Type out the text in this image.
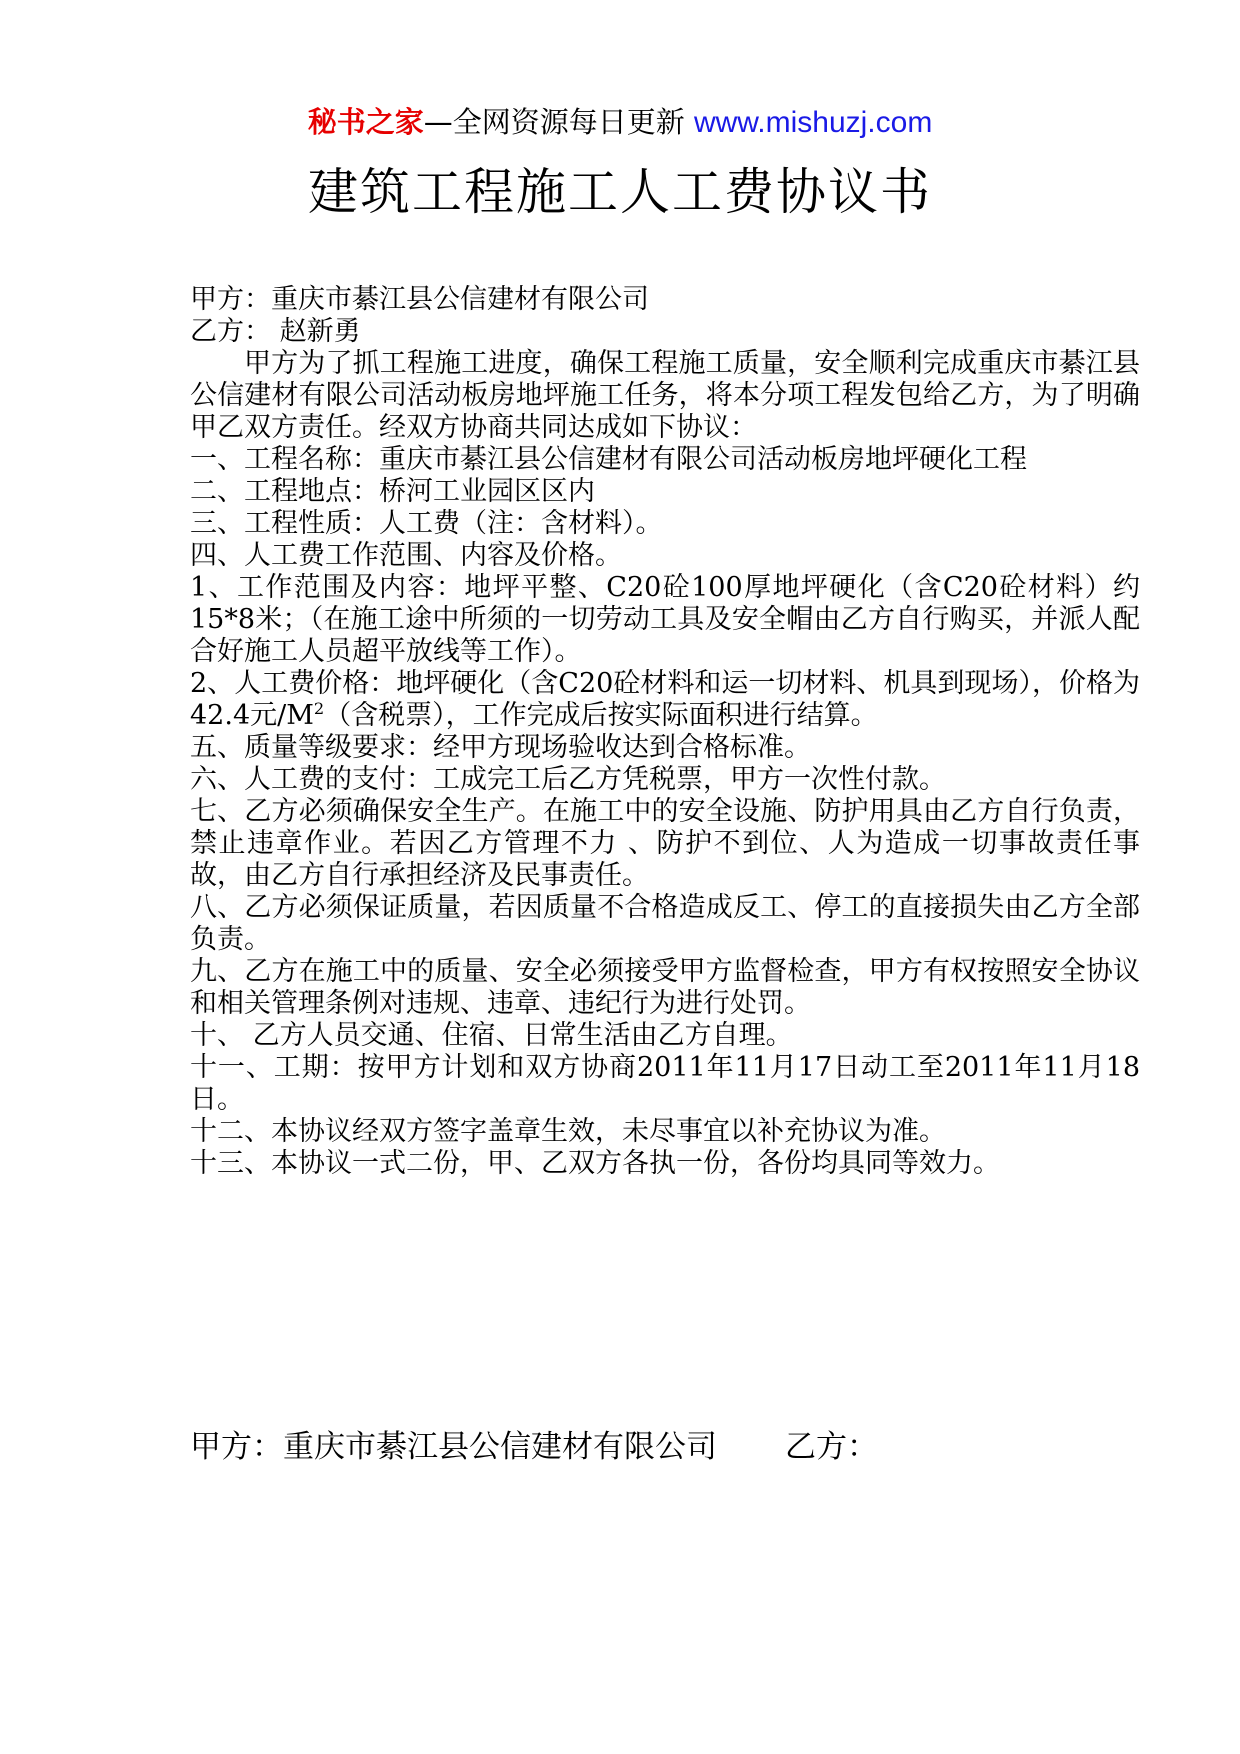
秘书之家—全网资源每日更新 www.mishuzj.com
建筑工程施工人工费协议书

甲方：重庆市綦江县公信建材有限公司

乙方： 赵新勇

甲方为了抓工程施工进度，确保工程施工质量，安全顺利完成重庆市綦江县公信建材有限公司活动板房地坪施工任务，将本分项工程发包给乙方，为了明确甲乙双方责任。经双方协商共同达成如下协议：

一、工程名称：重庆市綦江县公信建材有限公司活动板房地坪硬化工程

二、工程地点：桥河工业园区区内

三、工程性质：人工费（注：含材料）。

四、人工费工作范围、内容及价格。

1、工作范围及内容：地坪平整、C20砼100厚地坪硬化（含C20砼材料）约15*8米；（在施工途中所须的一切劳动工具及安全帽由乙方自行购买，并派人配合好施工人员超平放线等工作）。

2、人工费价格：地坪硬化（含C20砼材料和运一切材料、机具到现场），价格为42.4元$/M^2$（含税票），工作完成后按实际面积进行结算。

五、质量等级要求：经甲方现场验收达到合格标准。

六、人工费的支付：工成完工后乙方凭税票，甲方一次性付款。

七、乙方必须确保安全生产。在施工中的安全设施、防护用具由乙方自行负责，禁止违章作业。若因乙方管理不力 、防护不到位、人为造成一切事故责任事故，由乙方自行承担经济及民事责任。

八、乙方必须保证质量，若因质量不合格造成反工、停工的直接损失由乙方全部负责。

九、乙方在施工中的质量、安全必须接受甲方监督检查，甲方有权按照安全协议和相关管理条例对违规、违章、违纪行为进行处罚。

十、 乙方人员交通、住宿、日常生活由乙方自理。

十一、工期：按甲方计划和双方协商2011年11月17日动工至2011年11月18日。

十二、本协议经双方签字盖章生效，未尽事宜以补充协议为准。

十三、本协议一式二份，甲、乙双方各执一份，各份均具同等效力。

甲方：重庆市綦江县公信建材有限公司 乙方：
